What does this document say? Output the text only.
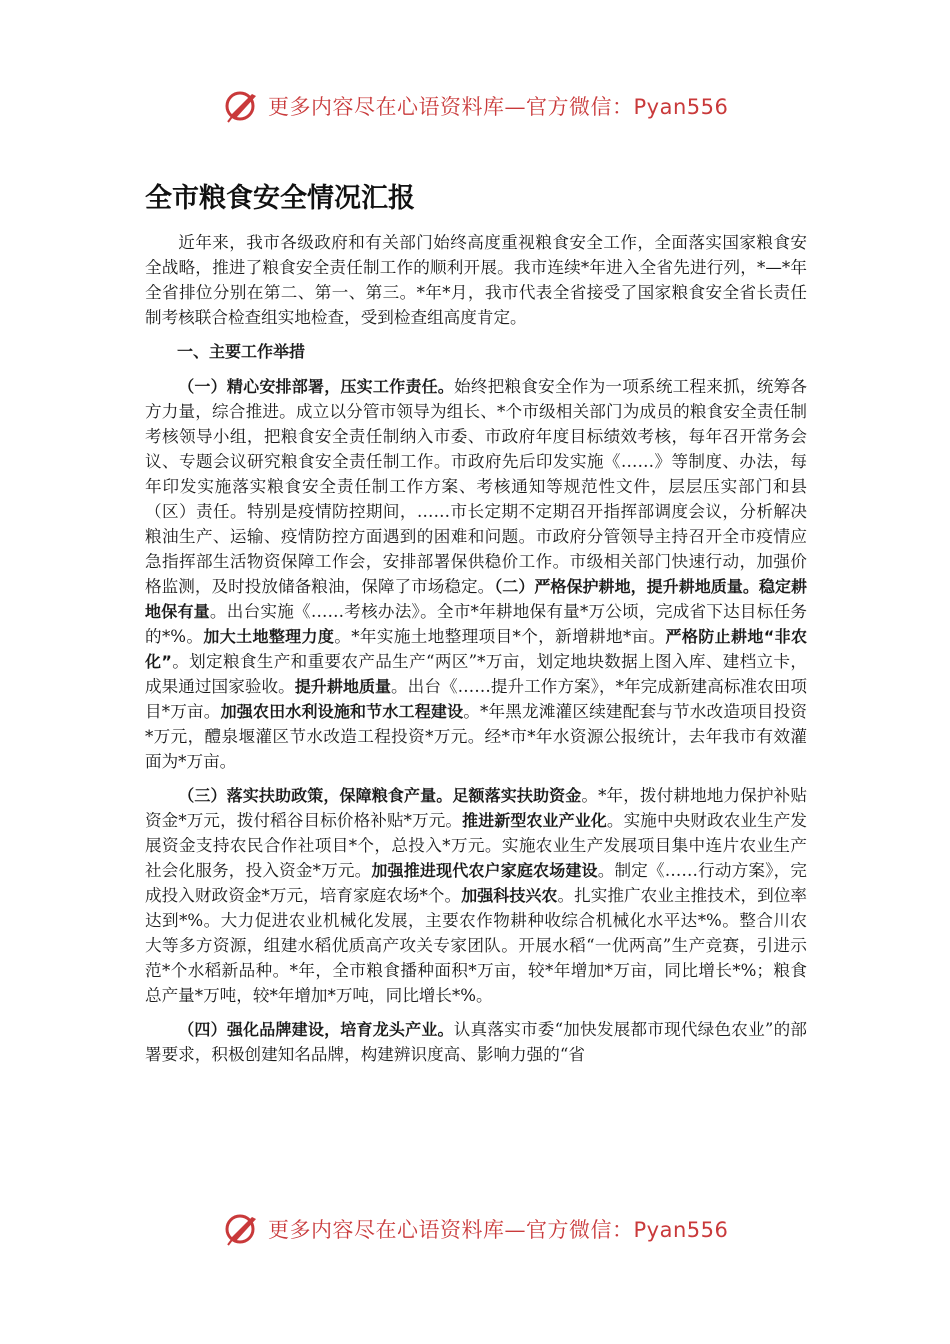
更多内容尽在心语资料库—官方微信：Pyan556
全市粮食安全情况汇报

近年来，我市各级政府和有关部门始终高度重视粮食安全工作，全面落实国家粮食安全战略，推进了粮食安全责任制工作的顺利开展。我市连续*年进入全省先进行列，*—*年全省排位分别在第二、第一、第三。*年*月，我市代表全省接受了国家粮食安全省长责任制考核联合检查组实地检查，受到检查组高度肯定。

一、主要工作举措

（一）精心安排部署，压实工作责任。始终把粮食安全作为一项系统工程来抓，统筹各方力量，综合推进。成立以分管市领导为组长、*个市级相关部门为成员的粮食安全责任制考核领导小组，把粮食安全责任制纳入市委、市政府年度目标绩效考核，每年召开常务会议、专题会议研究粮食安全责任制工作。市政府先后印发实施《……》等制度、办法，每年印发实施落实粮食安全责任制工作方案、考核通知等规范性文件，层层压实部门和县（区）责任。特别是疫情防控期间，……市长定期不定期召开指挥部调度会议，分析解决粮油生产、运输、疫情防控方面遇到的困难和问题。市政府分管领导主持召开全市疫情应急指挥部生活物资保障工作会，安排部署保供稳价工作。市级相关部门快速行动，加强价格监测，及时投放储备粮油，保障了市场稳定。（二）严格保护耕地，提升耕地质量。稳定耕地保有量。出台实施《……考核办法》。全市*年耕地保有量*万公顷，完成省下达目标任务的*%。加大土地整理力度。*年实施土地整理项目*个，新增耕地*亩。严格防止耕地“非农化”。划定粮食生产和重要农产品生产“两区”*万亩，划定地块数据上图入库、建档立卡，成果通过国家验收。提升耕地质量。出台《……提升工作方案》，*年完成新建高标准农田项目*万亩。加强农田水利设施和节水工程建设。*年黑龙滩灌区续建配套与节水改造项目投资*万元，醴泉堰灌区节水改造工程投资*万元。经*市*年水资源公报统计，去年我市有效灌面为*万亩。

（三）落实扶助政策，保障粮食产量。足额落实扶助资金。*年，拨付耕地地力保护补贴资金*万元，拨付稻谷目标价格补贴*万元。推进新型农业产业化。实施中央财政农业生产发展资金支持农民合作社项目*个，总投入*万元。实施农业生产发展项目集中连片农业生产社会化服务，投入资金*万元。加强推进现代农户家庭农场建设。制定《……行动方案》，完成投入财政资金*万元，培育家庭农场*个。加强科技兴农。扎实推广农业主推技术，到位率达到*%。大力促进农业机械化发展，主要农作物耕种收综合机械化水平达*%。整合川农大等多方资源，组建水稻优质高产攻关专家团队。开展水稻“一优两高”生产竞赛，引进示范*个水稻新品种。*年，全市粮食播种面积*万亩，较*年增加*万亩，同比增长*%；粮食总产量*万吨，较*年增加*万吨，同比增长*%。

（四）强化品牌建设，培育龙头产业。认真落实市委“加快发展都市现代绿色农业”的部署要求，积极创建知名品牌，构建辨识度高、影响力强的“省

更多内容尽在心语资料库—官方微信：Pyan556
